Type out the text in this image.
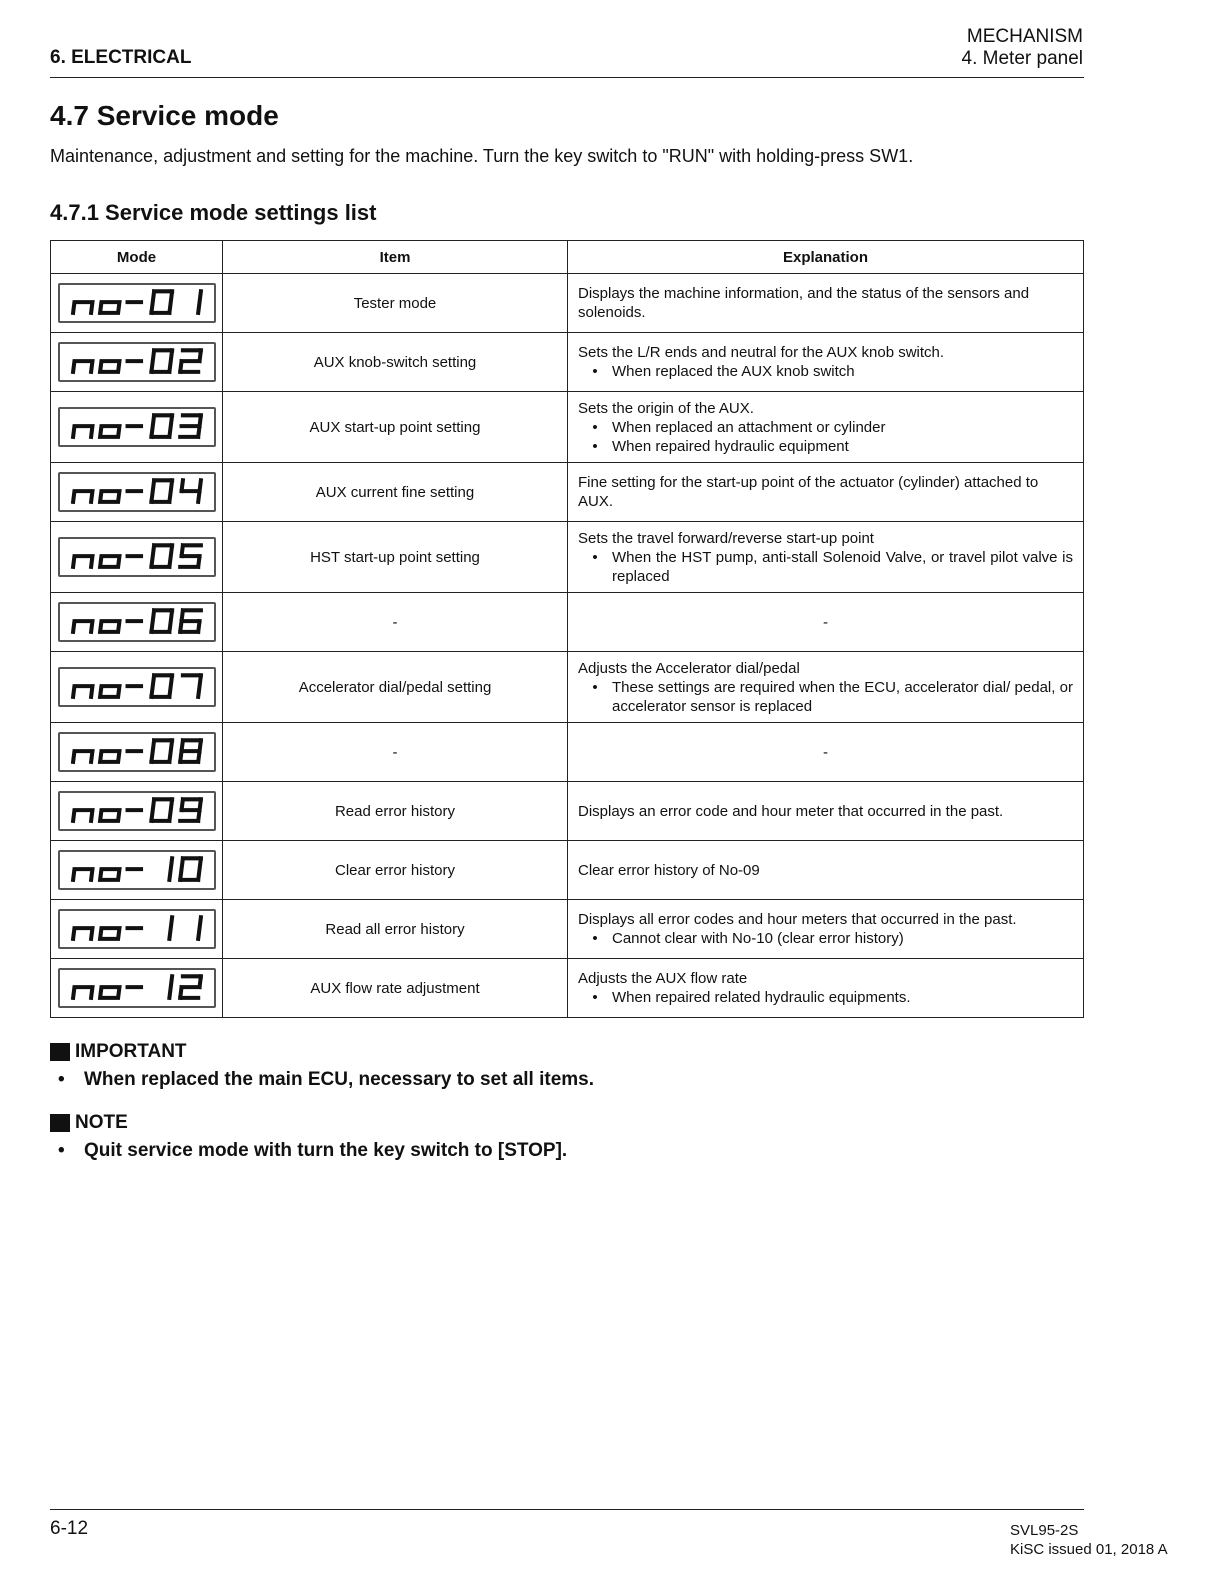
6. ELECTRICAL
MECHANISM
4. Meter panel
4.7 Service mode
Maintenance, adjustment and setting for the machine. Turn the key switch to "RUN" with holding-press SW1.
4.7.1 Service mode settings list
Mode	Item	Explanation

	Tester mode	Displays the machine information, and the status of the sensors and solenoids.

	AUX knob-switch setting	Sets the L/R ends and neutral for the AUX knob switch.
• When replaced the AUX knob switch

	AUX start-up point setting	Sets the origin of the AUX.
• When replaced an attachment or cylinder
• When repaired hydraulic equipment

	AUX current fine setting	Fine setting for the start-up point of the actuator (cylinder) attached to AUX.

	HST start-up point setting	Sets the travel forward/reverse start-up point
• When the HST pump, anti-stall Solenoid Valve, or travel pilot valve is replaced

	-	-

	Accelerator dial/pedal setting	Adjusts the Accelerator dial/pedal
• These settings are required when the ECU, accelerator dial/ pedal, or accelerator sensor is replaced

	-	-

	Read error history	Displays an error code and hour meter that occurred in the past.

	Clear error history	Clear error history of No-09

	Read all error history	Displays all error codes and hour meters that occurred in the past.
• Cannot clear with No-10 (clear error history)

	AUX flow rate adjustment	Adjusts the AUX flow rate
• When repaired related hydraulic equipments.
IMPORTANT
•	When replaced the main ECU, necessary to set all items.
NOTE
•	Quit service mode with turn the key switch to [STOP].
6-12	SVL95-2S
KiSC issued 01, 2018 A
